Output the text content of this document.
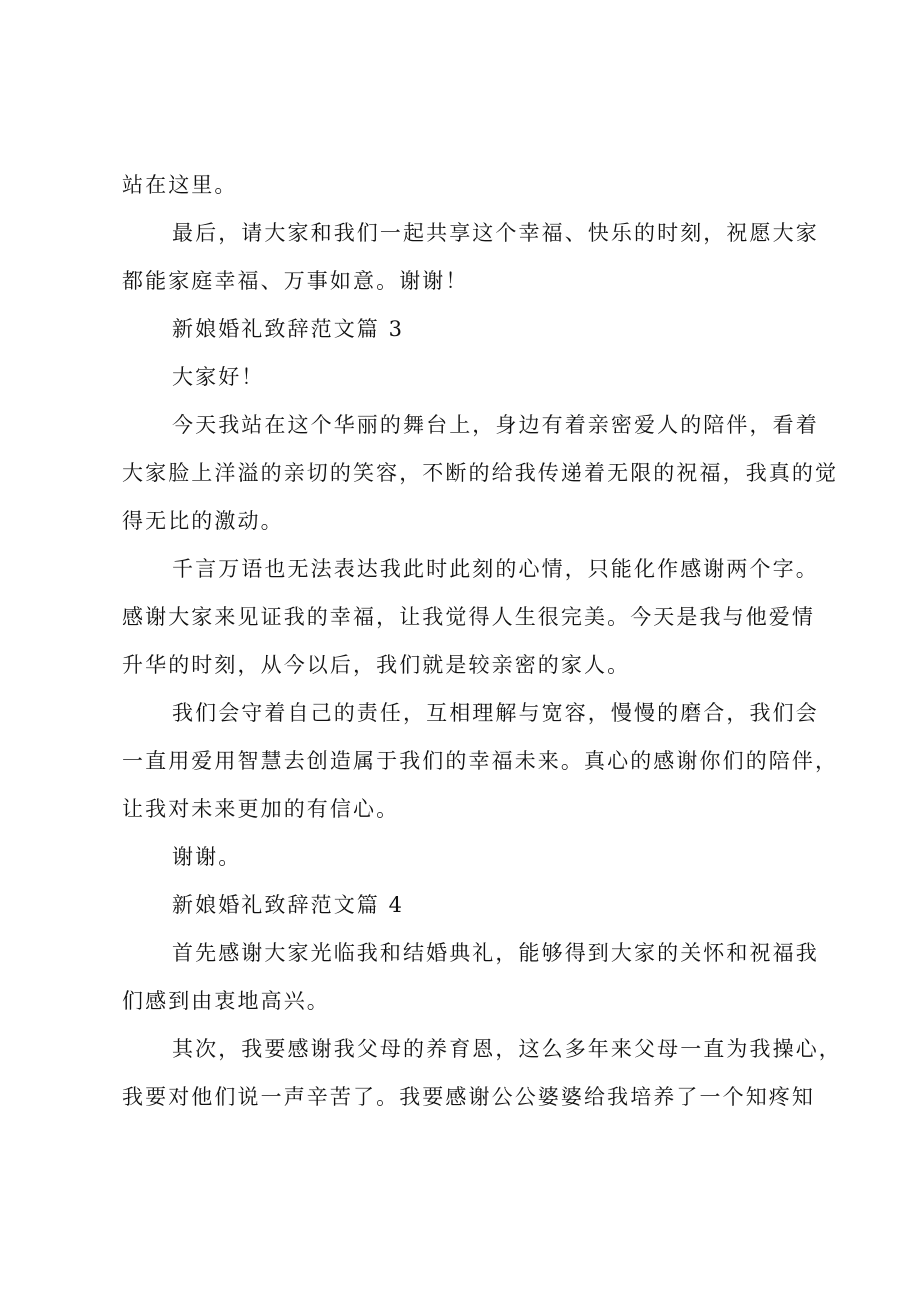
站在这里。
最后，请大家和我们一起共享这个幸福、快乐的时刻，祝愿大家
都能家庭幸福、万事如意。谢谢！
新娘婚礼致辞范文篇 3
大家好！
今天我站在这个华丽的舞台上，身边有着亲密爱人的陪伴，看着
大家脸上洋溢的亲切的笑容，不断的给我传递着无限的祝福，我真的觉
得无比的激动。
千言万语也无法表达我此时此刻的心情，只能化作感谢两个字。
感谢大家来见证我的幸福，让我觉得人生很完美。今天是我与他爱情
升华的时刻，从今以后，我们就是较亲密的家人。
我们会守着自己的责任，互相理解与宽容，慢慢的磨合，我们会
一直用爱用智慧去创造属于我们的幸福未来。真心的感谢你们的陪伴，
让我对未来更加的有信心。
谢谢。
新娘婚礼致辞范文篇 4
首先感谢大家光临我和结婚典礼，能够得到大家的关怀和祝福我
们感到由衷地高兴。
其次，我要感谢我父母的养育恩，这么多年来父母一直为我操心，
我要对他们说一声辛苦了。我要感谢公公婆婆给我培养了一个知疼知
